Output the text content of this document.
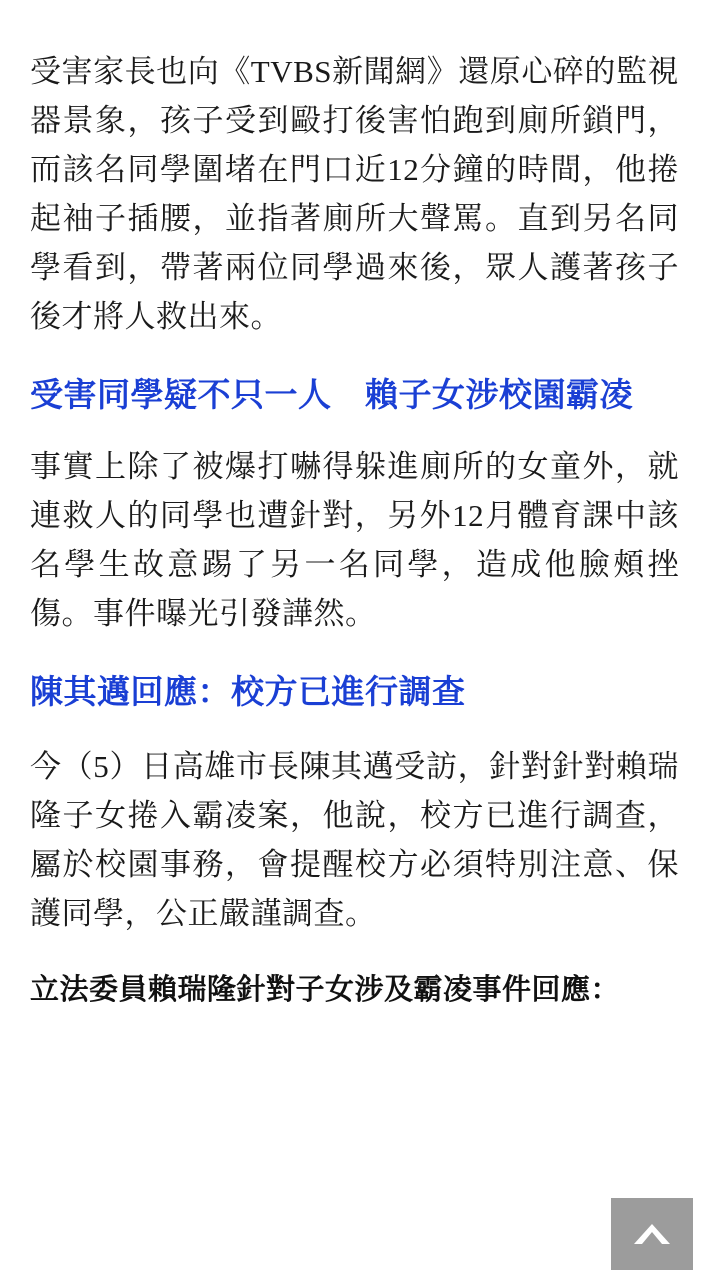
受害家長也向《TVBS新聞網》還原心碎的監視器景象，孩子受到毆打後害怕跑到廁所鎖門，而該名同學圍堵在門口近12分鐘的時間，他捲起袖子插腰，並指著廁所大聲罵。直到另名同學看到，帶著兩位同學過來後，眾人護著孩子後才將人救出來。

受害同學疑不只一人　賴子女涉校園霸凌

事實上除了被爆打嚇得躲進廁所的女童外，就連救人的同學也遭針對，另外12月體育課中該名學生故意踢了另一名同學，造成他臉頰挫傷。事件曝光引發譁然。

陳其邁回應：校方已進行調查

今（5）日高雄市長陳其邁受訪，針對針對賴瑞隆子女捲入霸凌案，他說，校方已進行調查，屬於校園事務，會提醒校方必須特別注意、保護同學，公正嚴謹調查。

立法委員賴瑞隆針對子女涉及霸凌事件回應：
